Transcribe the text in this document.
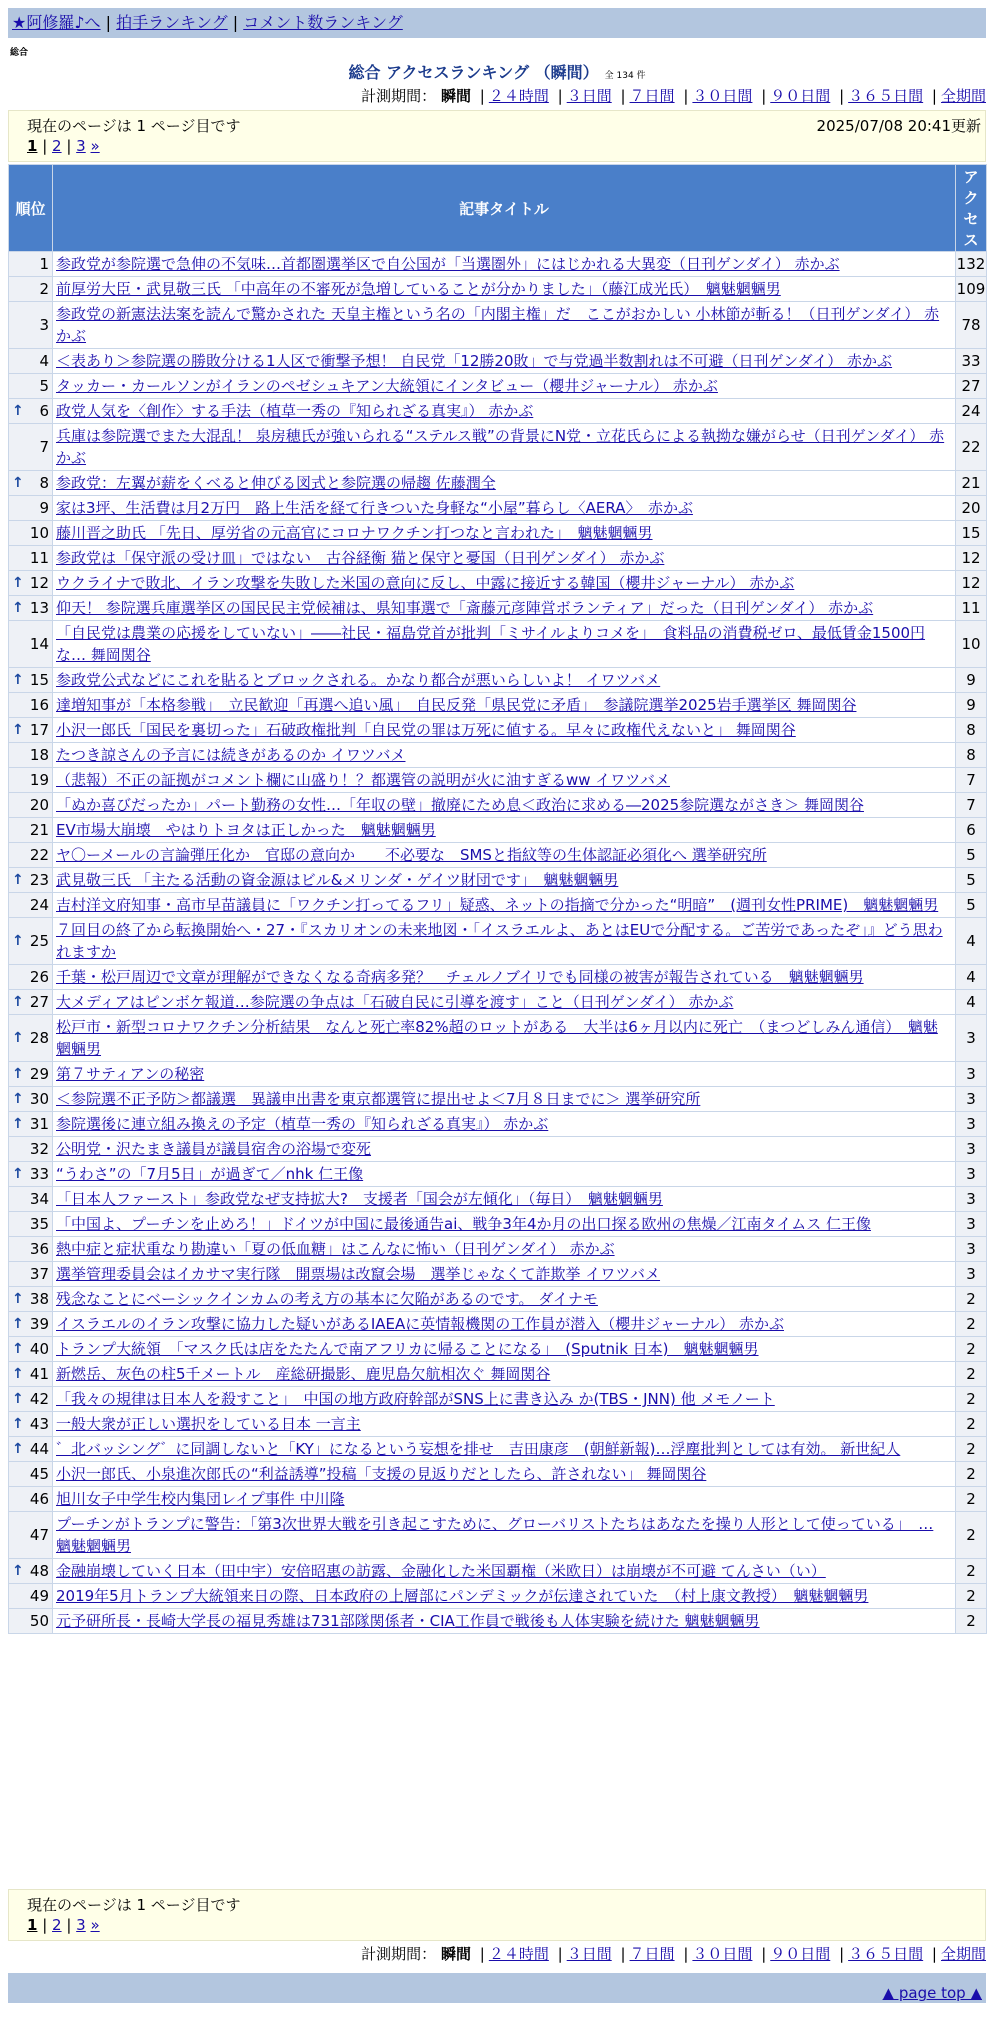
★阿修羅♪へ | 拍手ランキング | コメント数ランキング
総合
総合 アクセスランキング （瞬間） 全 134 件
計測期間： 瞬間 | ２４時間 | ３日間 | ７日間 | ３０日間 | ９０日間 | ３６５日間 | 全期間
現在のページは 1 ページ目です	2025/07/08 20:41更新
1 | 2 | 3 »
順位	記事タイトル	アクセス
1	参政党が参院選で急伸の不気味…首都圏選挙区で自公国が「当選圏外」にはじかれる大異変（日刊ゲンダイ） 赤かぶ	132
2	前厚労大臣・武見敬三氏 「中高年の不審死が急増していることが分かりました」（藤江成光氏）　魑魅魍魎男	109
3	参政党の新憲法法案を読んで驚かされた 天皇主権という名の「内閣主権」だ　ここがおかしい 小林節が斬る！（日刊ゲンダイ） 赤かぶ	78
4	＜表あり＞参院選の勝敗分ける1人区で衝撃予想！ 自民党「12勝20敗」で与党過半数割れは不可避（日刊ゲンダイ） 赤かぶ	33
5	タッカー・カールソンがイランのペゼシュキアン大統領にインタビュー（櫻井ジャーナル） 赤かぶ	27

↑ 6	政党人気を〈創作〉する手法（植草一秀の『知られざる真実』） 赤かぶ	24
7	兵庫は参院選でまた大混乱！ 泉房穂氏が強いられる“ステルス戦”の背景にN党・立花氏らによる執拗な嫌がらせ（日刊ゲンダイ） 赤かぶ	22

↑ 8	参政党：左翼が薪をくべると伸びる図式と参院選の帰趨 佐藤潤全	21
9	家は3坪、生活費は月2万円　路上生活を経て行きついた身軽な“小屋”暮らし〈AERA〉　赤かぶ	20
10	藤川晋之助氏 「先日、厚労省の元高官にコロナワクチン打つなと言われた」　魑魅魍魎男	15
11	参政党は「保守派の受け皿」ではない　古谷経衡 猫と保守と憂国（日刊ゲンダイ） 赤かぶ	12

↑ 12	ウクライナで敗北、イラン攻撃を失敗した米国の意向に反し、中露に接近する韓国（櫻井ジャーナル） 赤かぶ	12

↑ 13	仰天！ 参院選兵庫選挙区の国民民主党候補は、県知事選で「斎藤元彦陣営ボランティア」だった（日刊ゲンダイ） 赤かぶ	11
14	「自民党は農業の応援をしていない」――社民・福島党首が批判「ミサイルよりコメを」　食料品の消費税ゼロ、最低賃金1500円な… 舞岡関谷	10

↑ 15	参政党公式などにこれを貼るとブロックされる。かなり都合が悪いらしいよ！ イワツバメ	9
16	達増知事が「本格参戦」　立民歓迎「再選へ追い風」　自民反発「県民党に矛盾」　参議院選挙2025岩手選挙区 舞岡関谷	9

↑ 17	小沢一郎氏「国民を裏切った」石破政権批判「自民党の罪は万死に値する。早々に政権代えないと」 舞岡関谷	8
18	たつき諒さんの予言には続きがあるのか イワツバメ	8
19	（悲報）不正の証拠がコメント欄に山盛り！？都選管の説明が火に油すぎるww イワツバメ	7
20	「ぬか喜びだったか」パート勤務の女性…「年収の壁」撤廃にため息＜政治に求める―2025参院選ながさき＞ 舞岡関谷	7
21	EV市場大崩壊　やはりトヨタは正しかった　魑魅魍魎男	6
22	ヤ〇ーメールの言論弾圧化か　官邸の意向か　　不必要な　SMSと指紋等の生体認証必須化へ 選挙研究所	5

↑ 23	武見敬三氏 「主たる活動の資金源はビル&メリンダ・ゲイツ財団です」　魑魅魍魎男	5
24	吉村洋文府知事・高市早苗議員に「ワクチン打ってるフリ」疑惑、ネットの指摘で分かった“明暗”　(週刊女性PRIME)　魑魅魍魎男	5

↑ 25	７回目の終了から転換開始へ・27・『スカリオンの未来地図・「イスラエルよ、あとはEUで分配する。ご苦労であったぞ」』どう思われますか	4
26	千葉・松戸周辺で文章が理解ができなくなる奇病多発？　チェルノブイリでも同様の被害が報告されている　魑魅魍魎男	4

↑ 27	大メディアはピンボケ報道…参院選の争点は「石破自民に引導を渡す」こと（日刊ゲンダイ） 赤かぶ	4

↑ 28	松戸市・新型コロナワクチン分析結果　なんと死亡率82%超のロットがある　大半は6ヶ月以内に死亡　（まつどしみん通信）　魑魅魍魎男	3

↑ 29	第７サティアンの秘密	3

↑ 30	＜参院選不正予防＞都議選　異議申出書を東京都選管に提出せよ＜7月８日までに＞ 選挙研究所	3

↑ 31	参院選後に連立組み換えの予定（植草一秀の『知られざる真実』） 赤かぶ	3
32	公明党・沢たまき議員が議員宿舎の浴場で変死	3

↑ 33	“うわさ”の「7月5日」が過ぎて／nhk 仁王像	3
34	「日本人ファースト」参政党なぜ支持拡大?　支援者「国会が左傾化」（毎日）　魑魅魍魎男	3
35	「中国よ、プーチンを止めろ！」ドイツが中国に最後通告ai、戦争3年4か月の出口探る欧州の焦燥／江南タイムス 仁王像	3
36	熱中症と症状重なり勘違い「夏の低血糖」はこんなに怖い（日刊ゲンダイ） 赤かぶ	3
37	選挙管理委員会はイカサマ実行隊　開票場は改竄会場　選挙じゃなくて詐欺挙 イワツバメ	3

↑ 38	残念なことにベーシックインカムの考え方の基本に欠陥があるのです。 ダイナモ	2

↑ 39	イスラエルのイラン攻撃に協力した疑いがあるIAEAに英情報機関の工作員が潜入（櫻井ジャーナル） 赤かぶ	2

↑ 40	トランプ大統領　「マスク氏は店をたたんで南アフリカに帰ることになる」　(Sputnik 日本)　魑魅魍魎男	2

↑ 41	新燃岳、灰色の柱5千メートル　産総研撮影、鹿児島欠航相次ぐ 舞岡関谷	2

↑ 42	「我々の規律は日本人を殺すこと」　中国の地方政府幹部がSNS上に書き込み か(TBS・JNN) 他 メモノート	2

↑ 43	一般大衆が正しい選択をしている日本 一言主	2

↑ 44	゛北バッシング゛に同調しないと「KY」になるという妄想を排せ　吉田康彦　(朝鮮新報)…浮塵批判としては有効。 新世紀人	2
45	小沢一郎氏、小泉進次郎氏の“利益誘導”投稿「支援の見返りだとしたら、許されない」 舞岡関谷	2
46	旭川女子中学生校内集団レイプ事件 中川隆	2
47	プーチンがトランプに警告：「第3次世界大戦を引き起こすために、グローバリストたちはあなたを操り人形として使っている」　… 魑魅魍魎男	2

↑ 48	金融崩壊していく日本（田中宇）安倍昭惠の訪露、金融化した米国覇権（米欧日）は崩壊が不可避 てんさい（い）	2
49	2019年5月トランプ大統領来日の際、日本政府の上層部にパンデミックが伝達されていた　（村上康文教授）　魑魅魍魎男	2
50	元予研所長・長崎大学長の福見秀雄は731部隊関係者・CIA工作員で戦後も人体実験を続けた 魑魅魍魎男	2
現在のページは 1 ページ目です
1 | 2 | 3 »
計測期間： 瞬間 | ２４時間 | ３日間 | ７日間 | ３０日間 | ９０日間 | ３６５日間 | 全期間
▲ page top ▲
